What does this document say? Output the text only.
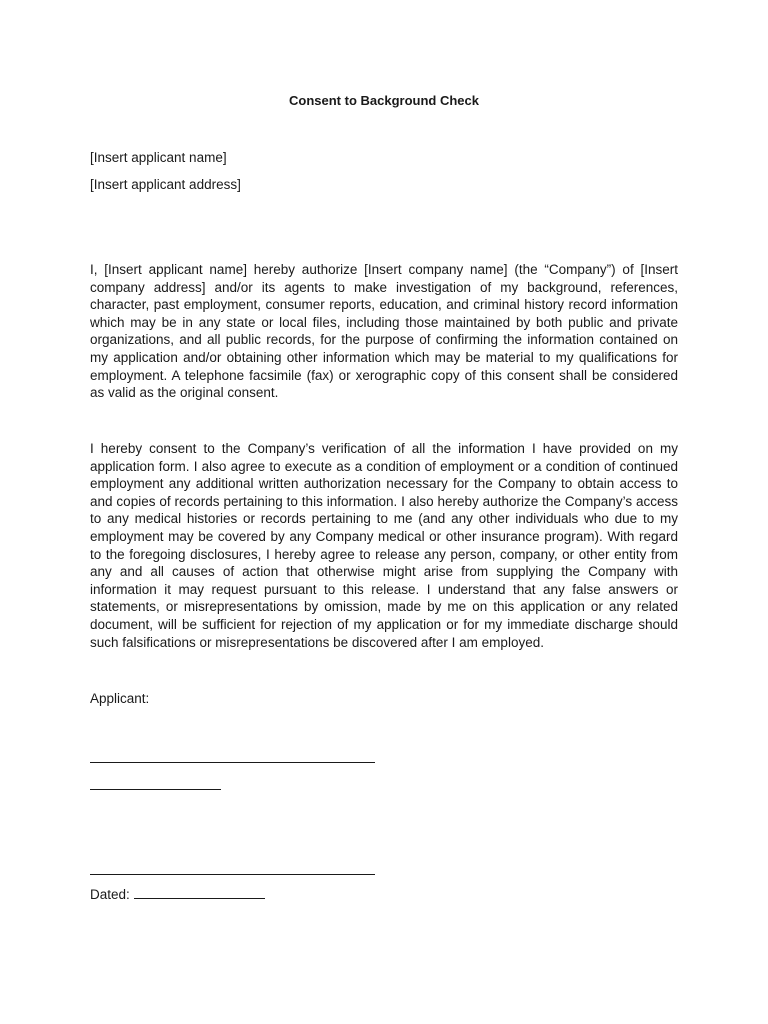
Consent to Background Check
[Insert applicant name]
[Insert applicant address]
I, [Insert applicant name] hereby authorize [Insert company name] (the “Company”) of [Insert company address] and/or its agents to make investigation of my background, references, character, past employment, consumer reports, education, and criminal history record information which may be in any state or local files, including those maintained by both public and private organizations, and all public records, for the purpose of confirming the information contained on my application and/or obtaining other information which may be material to my qualifications for employment. A telephone facsimile (fax) or xerographic copy of this consent shall be considered as valid as the original consent.
I hereby consent to the Company’s verification of all the information I have provided on my application form. I also agree to execute as a condition of employment or a condition of continued employment any additional written authorization necessary for the Company to obtain access to and copies of records pertaining to this information. I also hereby authorize the Company’s access to any medical histories or records pertaining to me (and any other individuals who due to my employment may be covered by any Company medical or other insurance program). With regard to the foregoing disclosures, I hereby agree to release any person, company, or other entity from any and all causes of action that otherwise might arise from supplying the Company with information it may request pursuant to this release. I understand that any false answers or statements, or misrepresentations by omission, made by me on this application or any related document, will be sufficient for rejection of my application or for my immediate discharge should such falsifications or misrepresentations be discovered after I am employed.
Applicant:
Dated:
